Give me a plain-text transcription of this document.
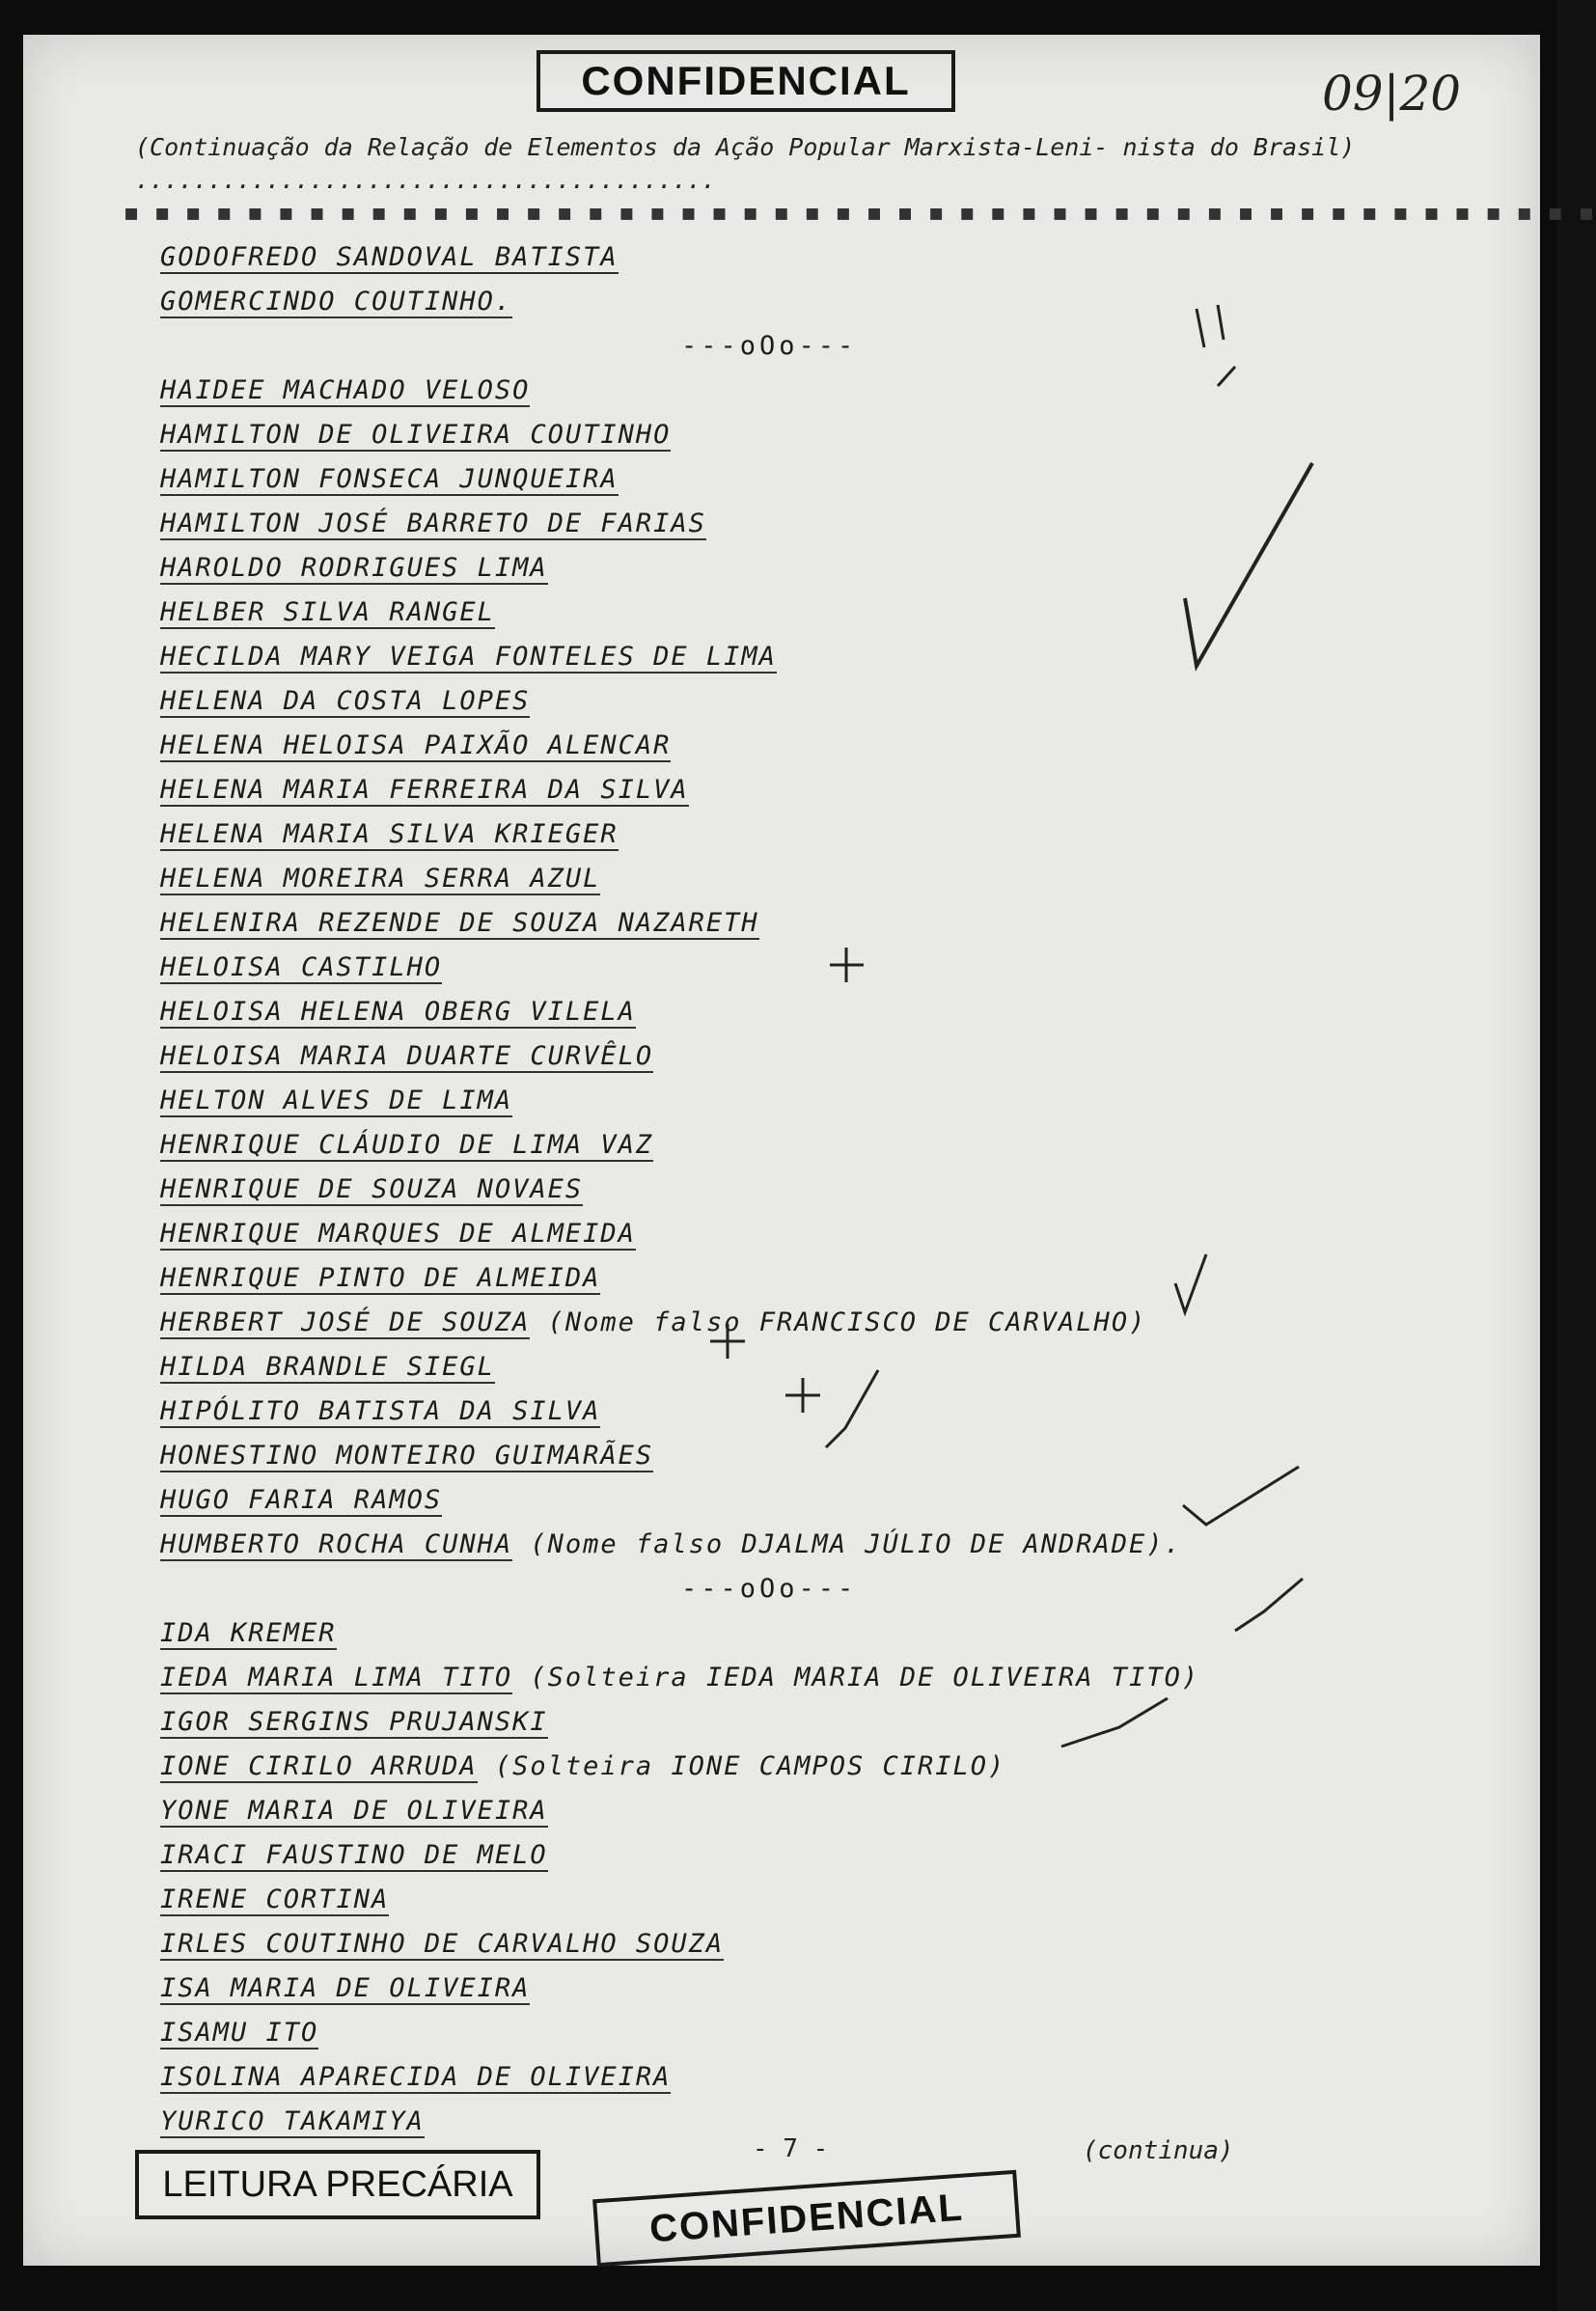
CONFIDENCIAL	09|20
(Continuação da Relação de Elementos da Ação Popular Marxista-Leni- nista do Brasil) ........................................
■ ■ ■ ■ ■ ■ ■ ■ ■ ■ ■ ■ ■ ■ ■ ■ ■ ■ ■ ■ ■ ■ ■ ■ ■ ■ ■ ■ ■ ■ ■ ■ ■ ■ ■ ■ ■ ■ ■ ■ ■ ■ ■ ■ ■ ■ ■ ■
GODOFREDO SANDOVAL BATISTA
GOMERCINDO COUTINHO.
---oOo---
HAIDEE MACHADO VELOSO
HAMILTON DE OLIVEIRA COUTINHO
HAMILTON FONSECA JUNQUEIRA
HAMILTON JOSÉ BARRETO DE FARIAS
HAROLDO RODRIGUES LIMA
HELBER SILVA RANGEL
HECILDA MARY VEIGA FONTELES DE LIMA
HELENA DA COSTA LOPES
HELENA HELOISA PAIXÃO ALENCAR
HELENA MARIA FERREIRA DA SILVA
HELENA MARIA SILVA KRIEGER
HELENA MOREIRA SERRA AZUL
HELENIRA REZENDE DE SOUZA NAZARETH
HELOISA CASTILHO
HELOISA HELENA OBERG VILELA
HELOISA MARIA DUARTE CURVÊLO
HELTON ALVES DE LIMA
HENRIQUE CLÁUDIO DE LIMA VAZ
HENRIQUE DE SOUZA NOVAES
HENRIQUE MARQUES DE ALMEIDA
HENRIQUE PINTO DE ALMEIDA
HERBERT JOSÉ DE SOUZA (Nome falso FRANCISCO DE CARVALHO)
HILDA BRANDLE SIEGL
HIPÓLITO BATISTA DA SILVA
HONESTINO MONTEIRO GUIMARÃES
HUGO FARIA RAMOS
HUMBERTO ROCHA CUNHA (Nome falso DJALMA JÚLIO DE ANDRADE).
---oOo---
IDA KREMER
IEDA MARIA LIMA TITO (Solteira IEDA MARIA DE OLIVEIRA TITO)
IGOR SERGINS PRUJANSKI
IONE CIRILO ARRUDA (Solteira IONE CAMPOS CIRILO)
YONE MARIA DE OLIVEIRA
IRACI FAUSTINO DE MELO
IRENE CORTINA
IRLES COUTINHO DE CARVALHO SOUZA
ISA MARIA DE OLIVEIRA
ISAMU ITO
ISOLINA APARECIDA DE OLIVEIRA
YURICO TAKAMIYA
- 7 -	(continua)
LEITURA PRECÁRIA
CONFIDENCIAL
